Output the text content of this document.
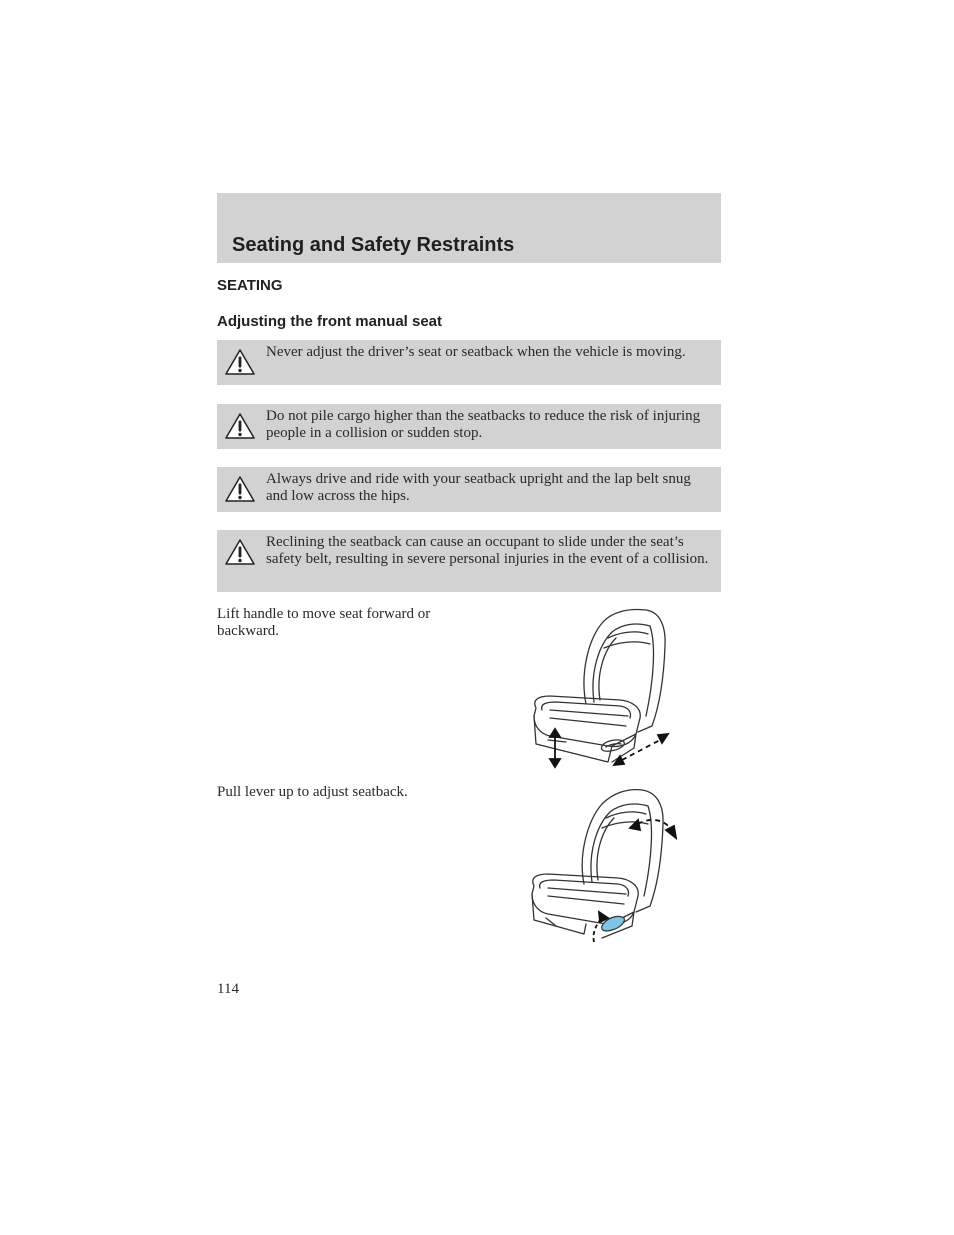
Seating and Safety Restraints
SEATING
Adjusting the front manual seat
Never adjust the driver’s seat or seatback when the vehicle is moving.
Do not pile cargo higher than the seatbacks to reduce the risk of injuring people in a collision or sudden stop.
Always drive and ride with your seatback upright and the lap belt snug and low across the hips.
Reclining the seatback can cause an occupant to slide under the seat’s safety belt, resulting in severe personal injuries in the event of a collision.

Lift handle to move seat forward or backward.

Pull lever up to adjust seatback.

114
